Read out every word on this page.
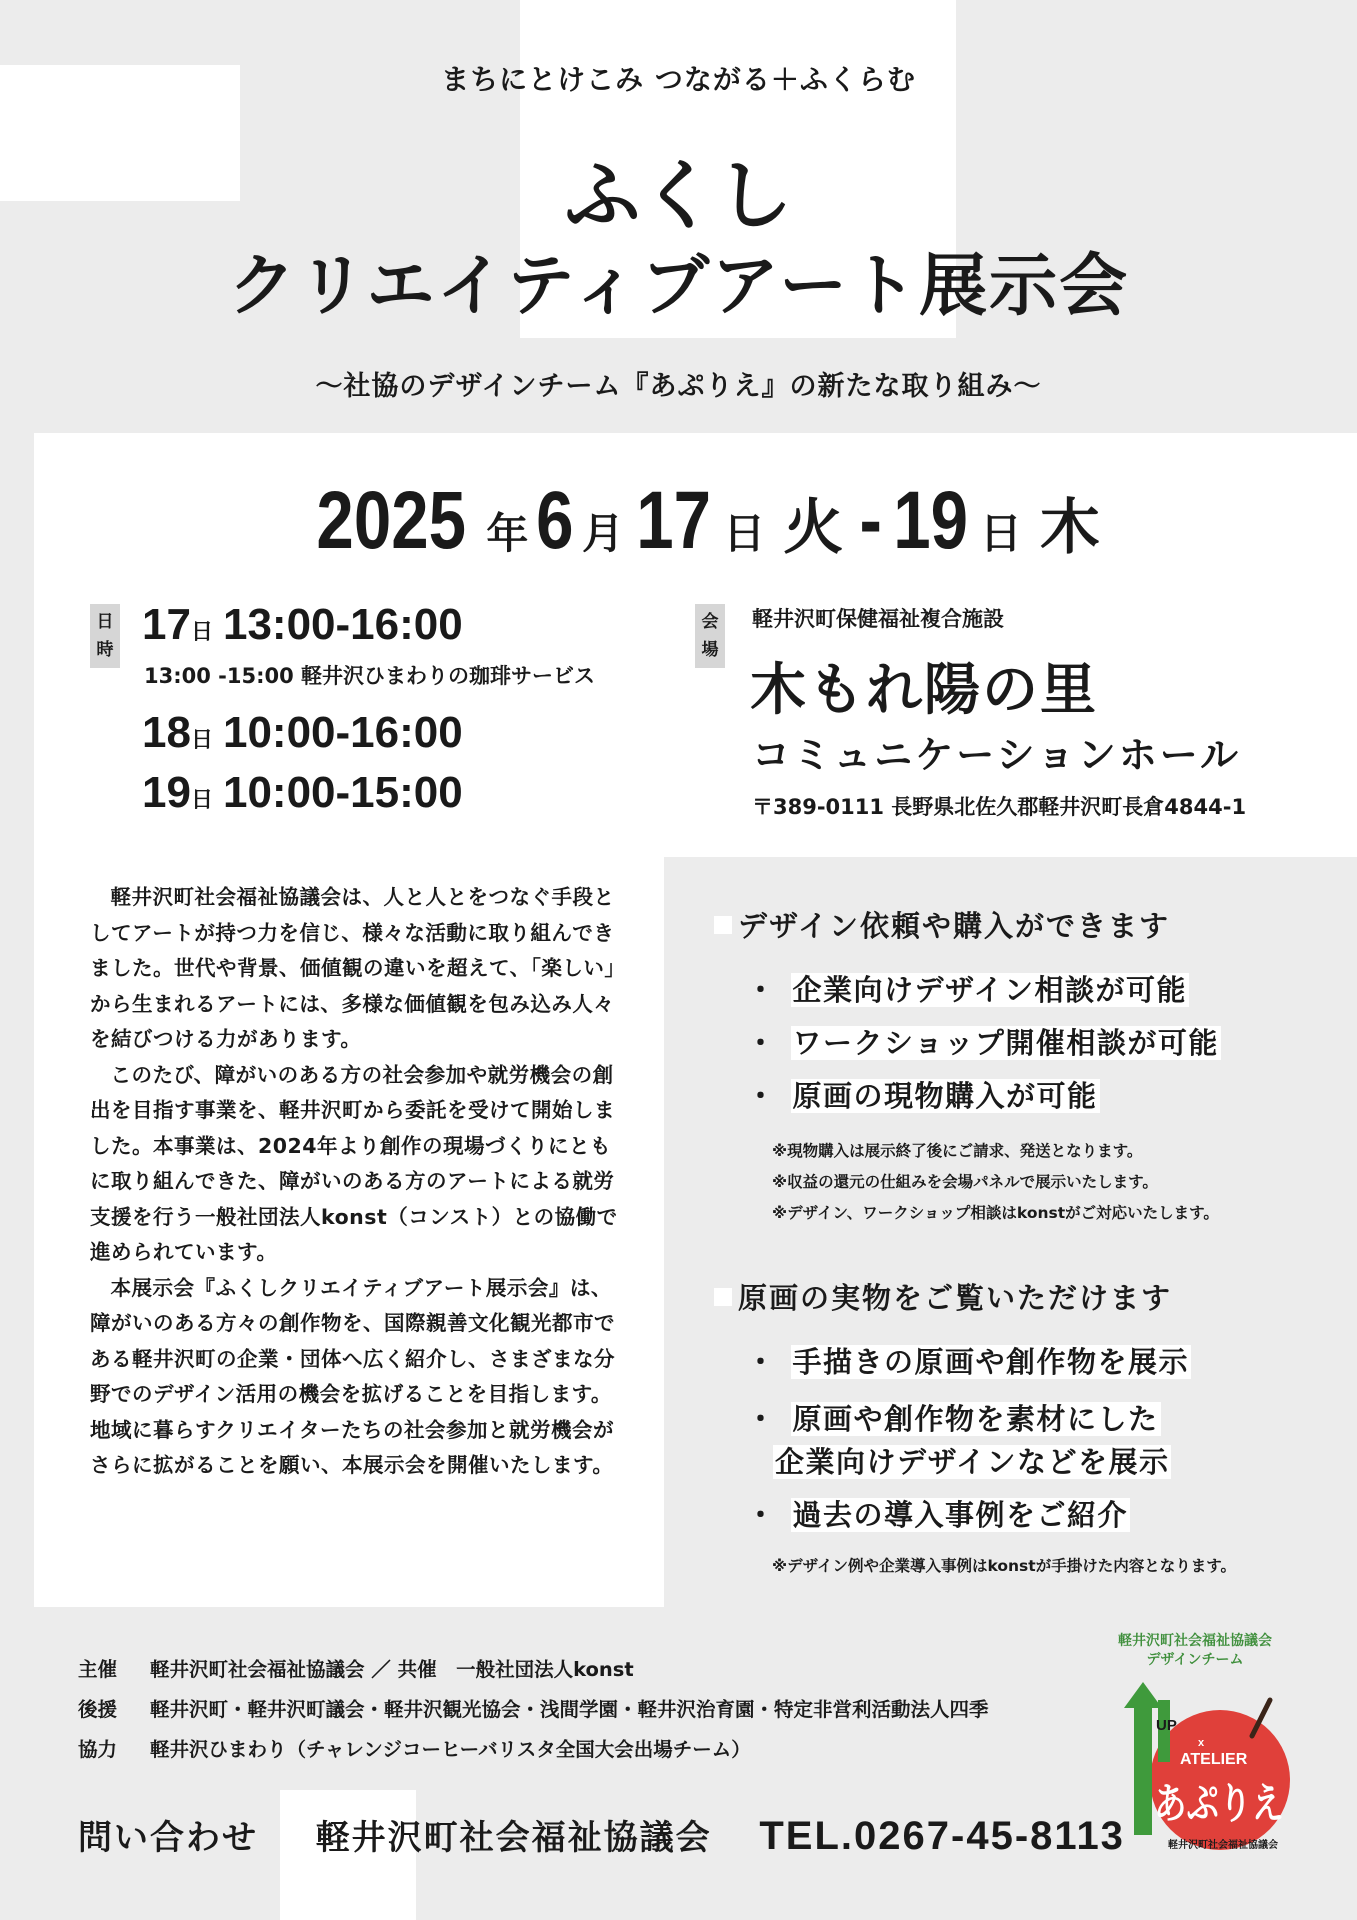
まちにとけこみ つながる＋ふくらむ
ふくし
クリエイティブアート展示会
〜社協のデザインチーム『あぷりえ』の新たな取り組み〜
2025 年 6 月 17 日 火 - 19 日 木
日
時
17日 13:00-16:00
13:00 -15:00 軽井沢ひまわりの珈琲サービス
18日 10:00-16:00
19日 10:00-15:00
会
場
軽井沢町保健福祉複合施設
木もれ陽の里
コミュニケーションホール
〒389-0111 長野県北佐久郡軽井沢町長倉4844-1

軽井沢町社会福祉協議会は、人と人とをつなぐ手段としてアートが持つ力を信じ、様々な活動に取り組んできました。世代や背景、価値観の違いを超えて、「楽しい」から生まれるアートには、多様な価値観を包み込み人々を結びつける力があります。

このたび、障がいのある方の社会参加や就労機会の創出を目指す事業を、軽井沢町から委託を受けて開始しました。本事業は、2024年より創作の現場づくりにともに取り組んできた、障がいのある方のアートによる就労支援を行う一般社団法人konst（コンスト）との協働で進められています。

本展示会『ふくしクリエイティブアート展示会』は、障がいのある方々の創作物を、国際親善文化観光都市である軽井沢町の企業・団体へ広く紹介し、さまざまな分野でのデザイン活用の機会を拡げることを目指します。地域に暮らすクリエイターたちの社会参加と就労機会がさらに拡がることを願い、本展示会を開催いたします。

デザイン依頼や購入ができます
・ 企業向けデザイン相談が可能
・ ワークショップ開催相談が可能
・ 原画の現物購入が可能
※現物購入は展示終了後にご請求、発送となります。
※収益の還元の仕組みを会場パネルで展示いたします。
※デザイン、ワークショップ相談はkonstがご対応いたします。
原画の実物をご覧いただけます
・ 手描きの原画や創作物を展示
・ 原画や創作物を素材にした
企業向けデザインなどを展示
・ 過去の導入事例をご紹介
※デザイン例や企業導入事例はkonstが手掛けた内容となります。
主催 軽井沢町社会福祉協議会 ／ 共催　一般社団法人konst
後援 軽井沢町・軽井沢町議会・軽井沢観光協会・浅間学園・軽井沢治育園・特定非営利活動法人四季
協力 軽井沢ひまわり（チャレンジコーヒーバリスタ全国大会出場チーム）
問い合わせ 軽井沢町社会福祉協議会 TEL.0267-45-8113
軽井沢町社会福祉協議会
デザインチーム
UP
x
ATELIER
あぷりえ
軽井沢町社会福祉協議会
